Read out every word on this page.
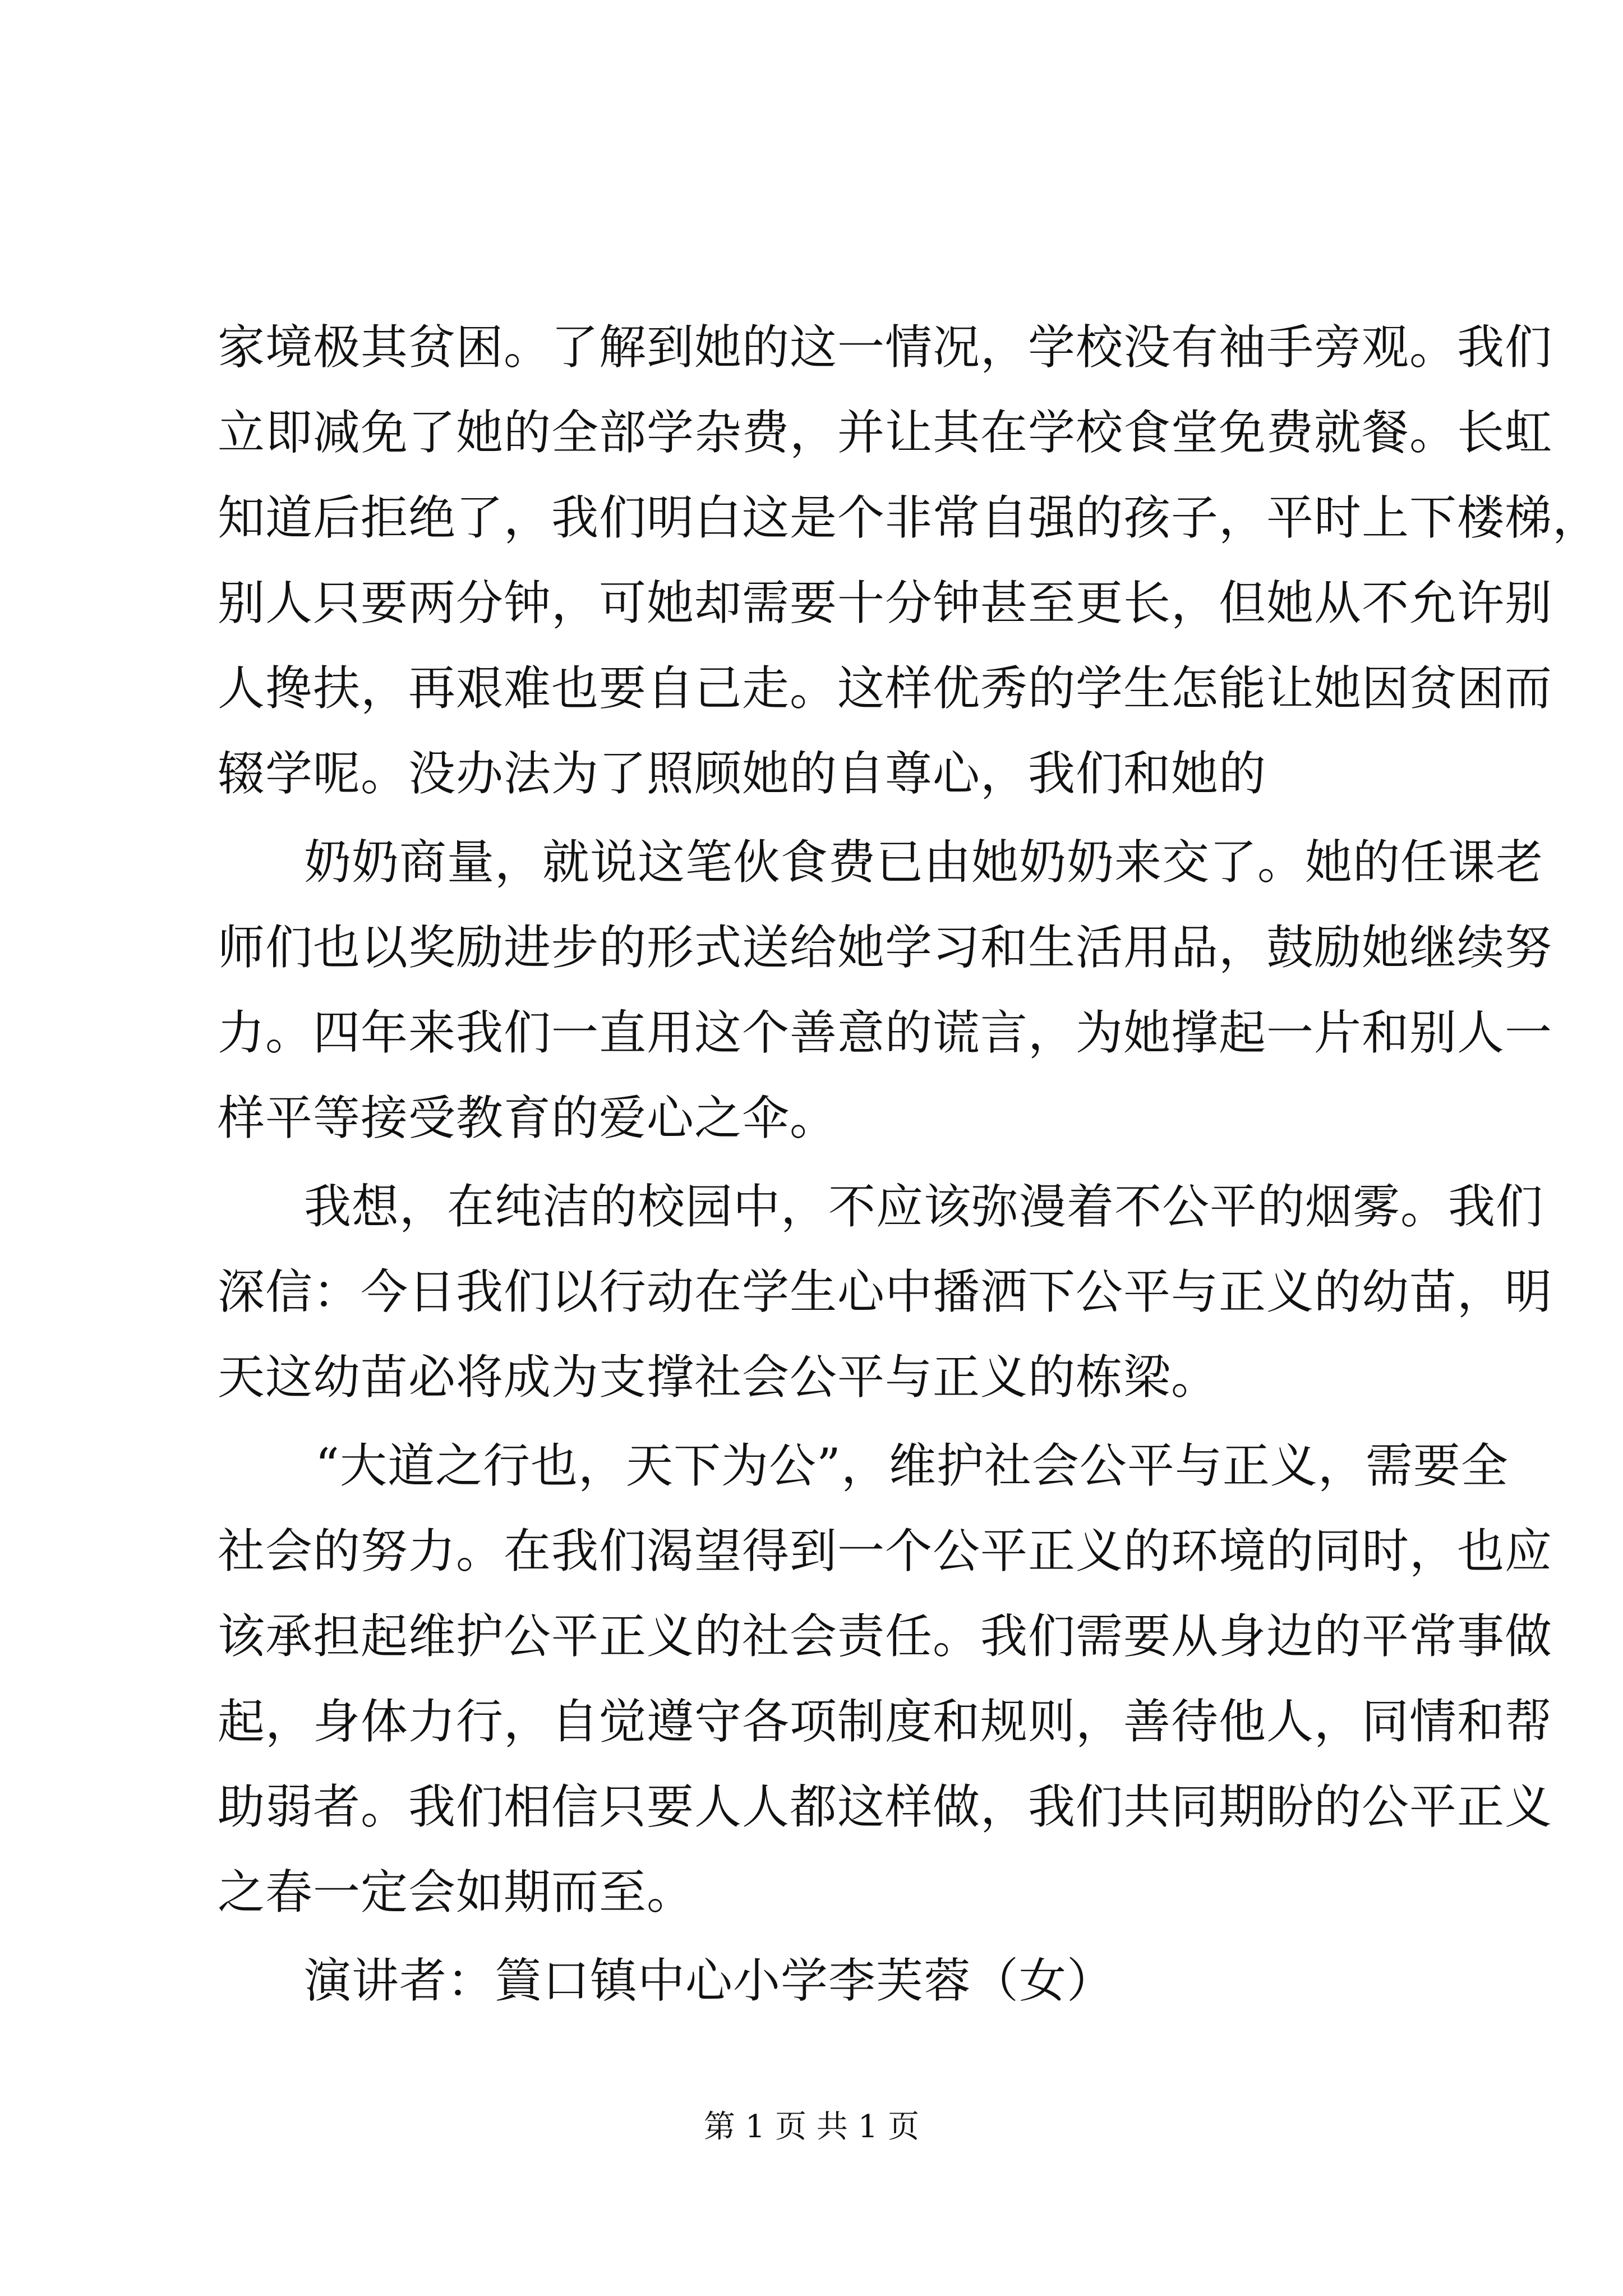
家境极其贫困。了解到她的这一情况，学校没有袖手旁观。我们
立即减免了她的全部学杂费，并让其在学校食堂免费就餐。长虹
知道后拒绝了，我们明白这是个非常自强的孩子，平时上下楼梯，
别人只要两分钟，可她却需要十分钟甚至更长，但她从不允许别
人搀扶，再艰难也要自己走。这样优秀的学生怎能让她因贫困而
辍学呢。没办法为了照顾她的自尊心，我们和她的
奶奶商量，就说这笔伙食费已由她奶奶来交了。她的任课老
师们也以奖励进步的形式送给她学习和生活用品，鼓励她继续努
力。四年来我们一直用这个善意的谎言，为她撑起一片和别人一
样平等接受教育的爱心之伞。
我想，在纯洁的校园中，不应该弥漫着不公平的烟雾。我们
深信：今日我们以行动在学生心中播洒下公平与正义的幼苗，明
天这幼苗必将成为支撑社会公平与正义的栋梁。
“大道之行也，天下为公”，维护社会公平与正义，需要全
社会的努力。在我们渴望得到一个公平正义的环境的同时，也应
该承担起维护公平正义的社会责任。我们需要从身边的平常事做
起，身体力行，自觉遵守各项制度和规则，善待他人，同情和帮
助弱者。我们相信只要人人都这样做，我们共同期盼的公平正义
之春一定会如期而至。
演讲者：篢口镇中心小学李芙蓉（女）
第 1 页 共 1 页
